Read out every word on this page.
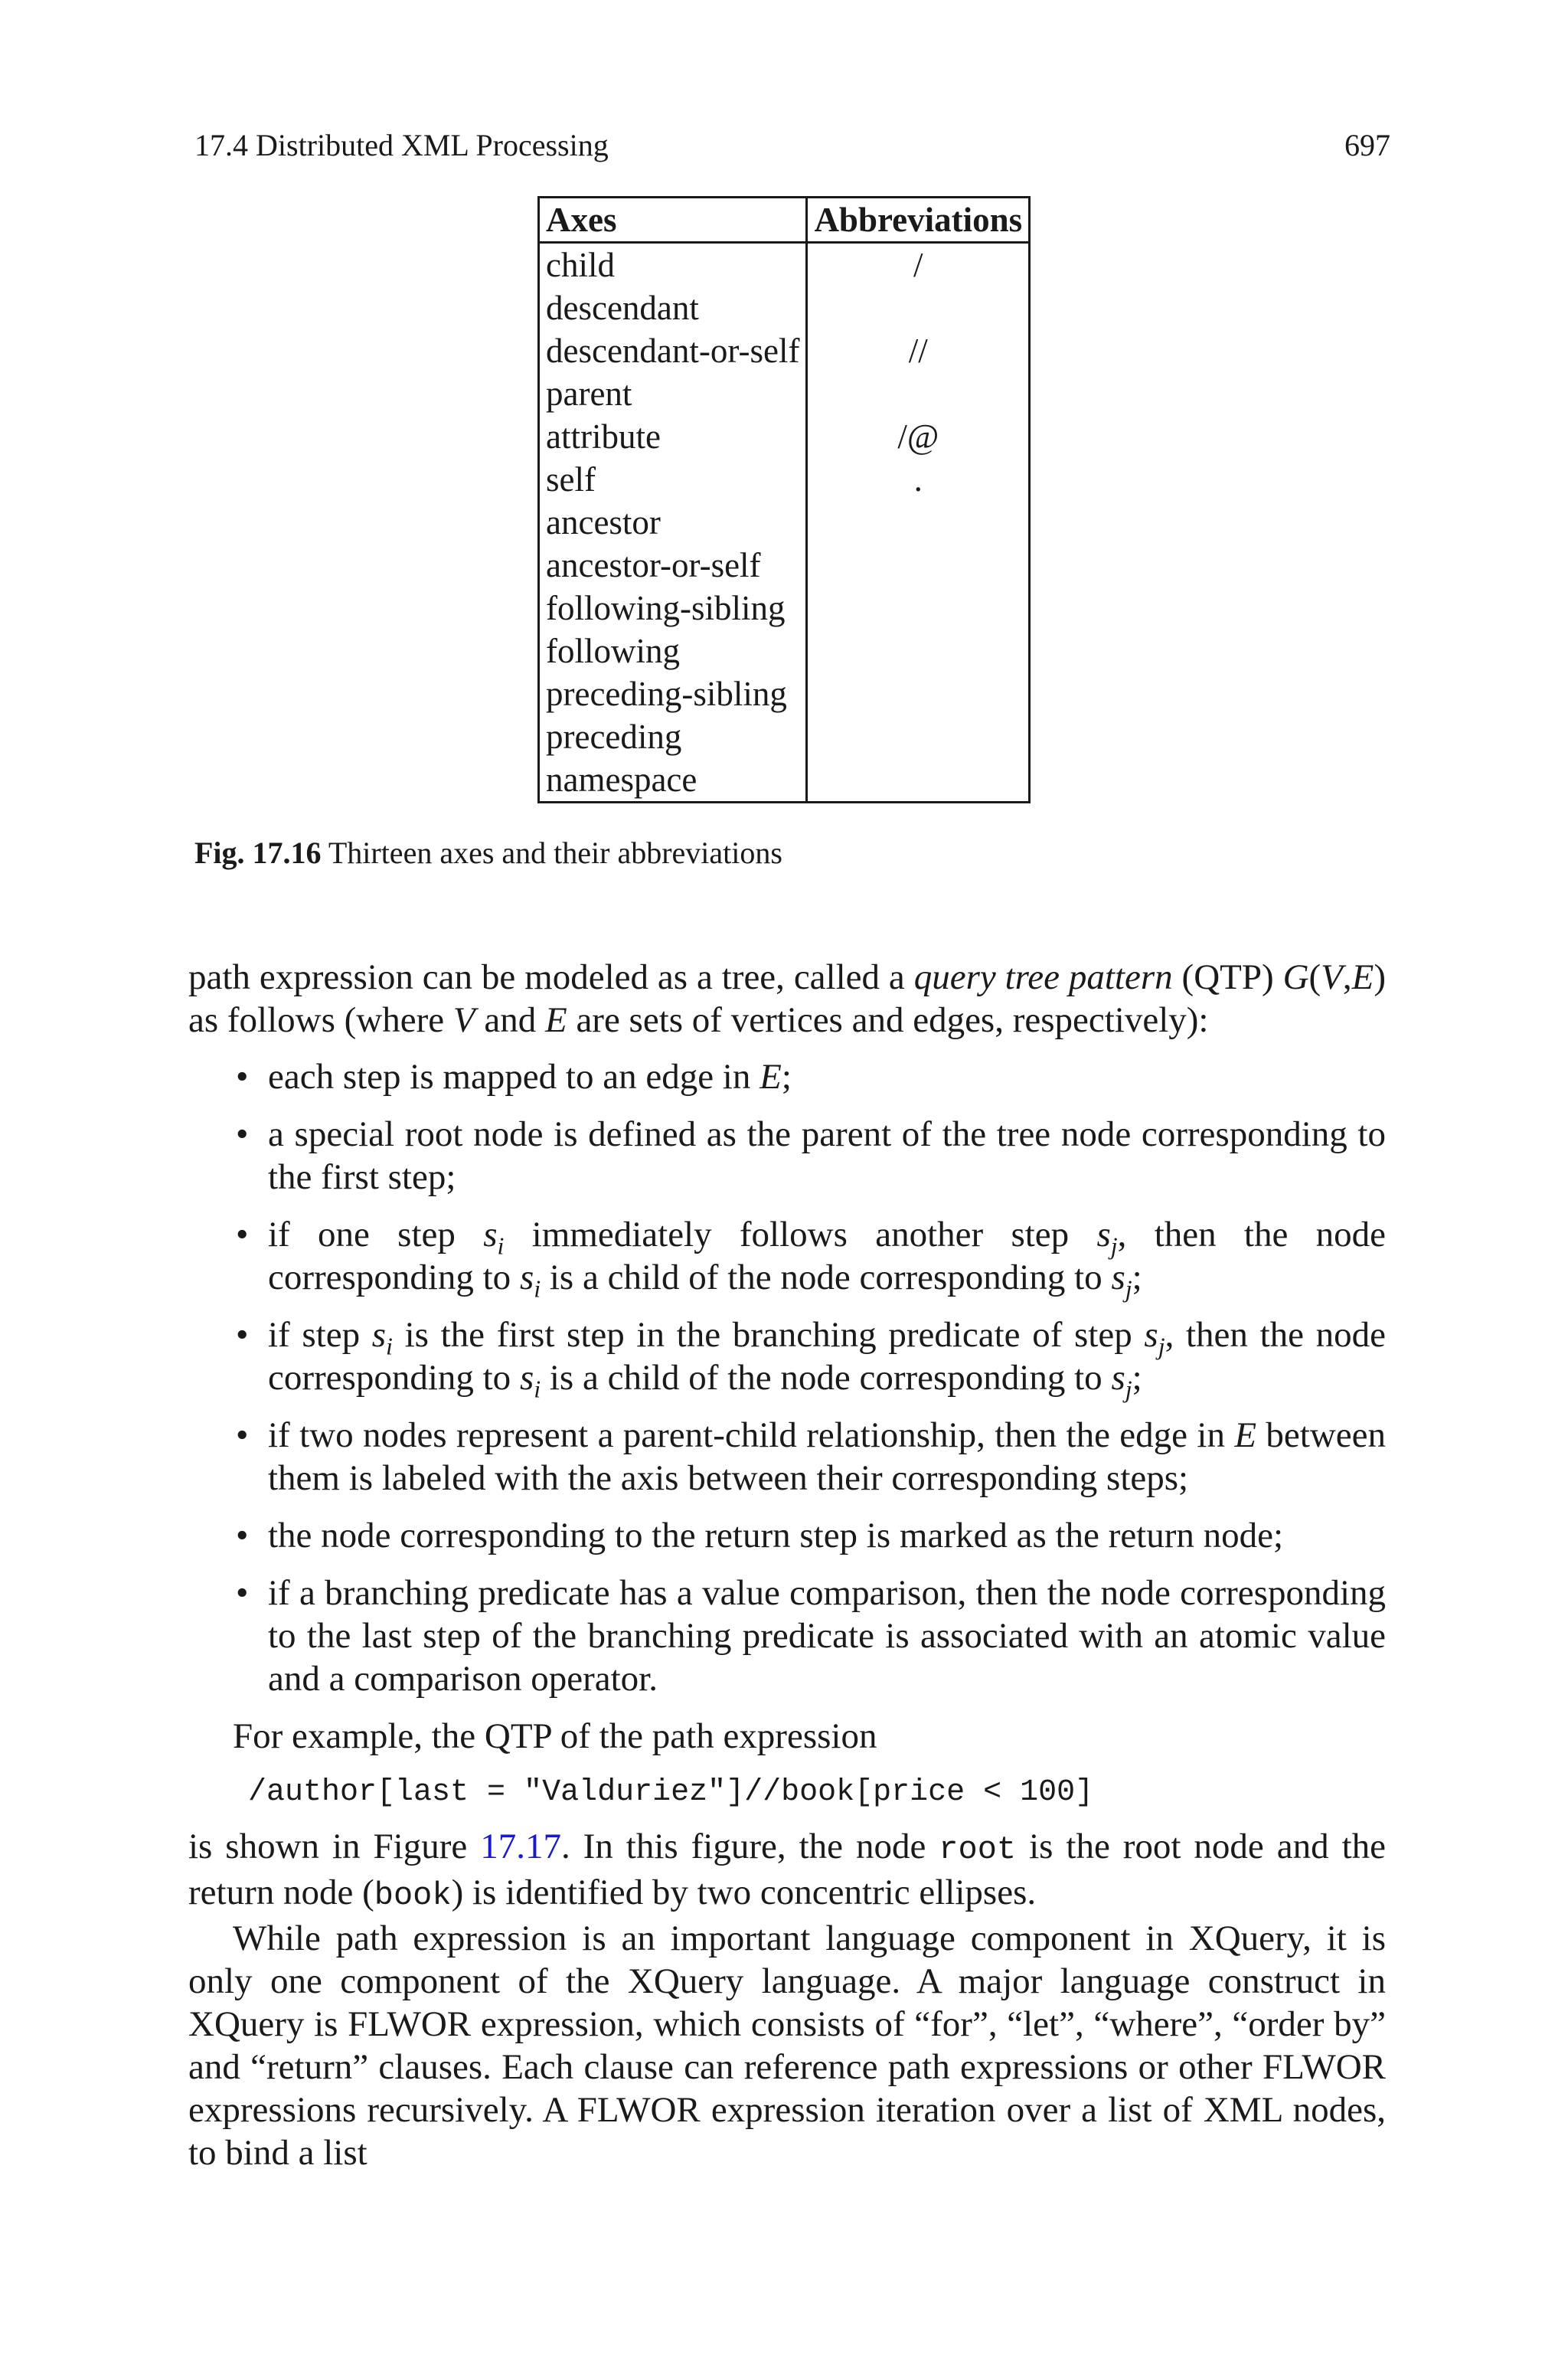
17.4 Distributed XML Processing	697
Axes	Abbreviations
child	/
descendant	
descendant-or-self	//
parent	
attribute	/@
self	.
ancestor	
ancestor-or-self	
following-sibling	
following	
preceding-sibling	
preceding	
namespace	
Fig. 17.16 Thirteen axes and their abbreviations

path expression can be modeled as a tree, called a query tree pattern (QTP) G(V,E) as follows (where V and E are sets of vertices and edges, respectively):

• each step is mapped to an edge in E;
• a special root node is defined as the parent of the tree node corresponding to the first step;
• if one step $s_i$ immediately follows another step $s_j$, then the node corresponding to $s_i$ is a child of the node corresponding to $s_j$;
• if step $s_i$ is the first step in the branching predicate of step $s_j$, then the node corresponding to $s_i$ is a child of the node corresponding to $s_j$;
• if two nodes represent a parent-child relationship, then the edge in E between them is labeled with the axis between their corresponding steps;
• the node corresponding to the return step is marked as the return node;
• if a branching predicate has a value comparison, then the node corresponding to the last step of the branching predicate is associated with an atomic value and a comparison operator.

For example, the QTP of the path expression

/author[last = "Valduriez"]//book[price < 100]

is shown in Figure 17.17. In this figure, the node root is the root node and the return node (book) is identified by two concentric ellipses.

While path expression is an important language component in XQuery, it is only one component of the XQuery language. A major language construct in XQuery is FLWOR expression, which consists of “for”, “let”, “where”, “order by” and “return” clauses. Each clause can reference path expressions or other FLWOR expressions recursively. A FLWOR expression iteration over a list of XML nodes, to bind a list
